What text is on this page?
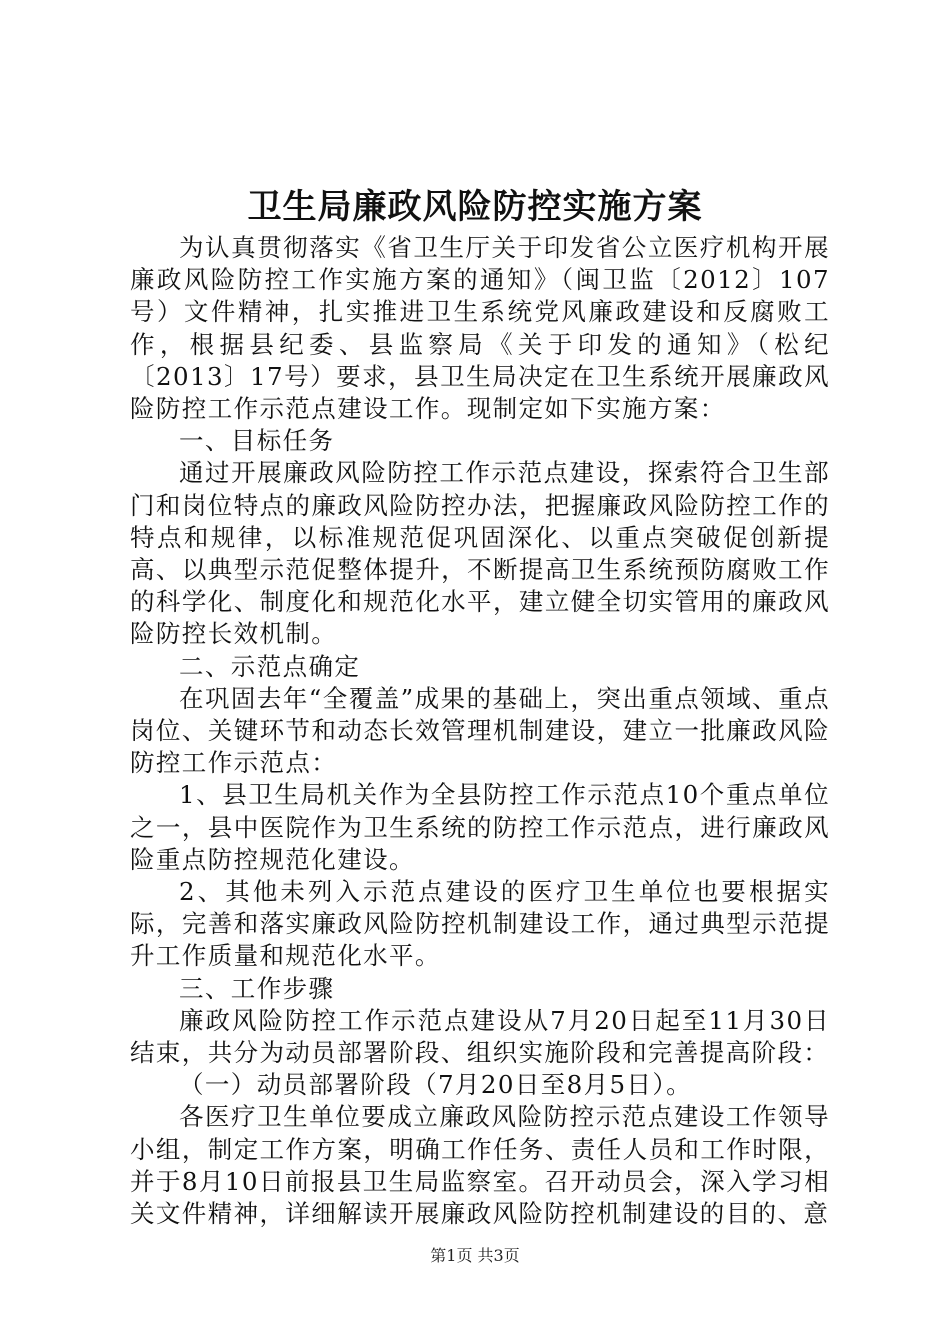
卫生局廉政风险防控实施方案

为认真贯彻落实《省卫生厅关于印发省公立医疗机构开展廉政风险防控工作实施方案的通知》（闽卫监〔2012〕107号）文件精神，扎实推进卫生系统党风廉政建设和反腐败工作，根据县纪委、县监察局《关于印发的通知》（松纪〔2013〕17号）要求，县卫生局决定在卫生系统开展廉政风险防控工作示范点建设工作。现制定如下实施方案：

一、目标任务

通过开展廉政风险防控工作示范点建设，探索符合卫生部门和岗位特点的廉政风险防控办法，把握廉政风险防控工作的特点和规律，以标准规范促巩固深化、以重点突破促创新提高、以典型示范促整体提升，不断提高卫生系统预防腐败工作的科学化、制度化和规范化水平，建立健全切实管用的廉政风险防控长效机制。

二、示范点确定

在巩固去年“全覆盖”成果的基础上，突出重点领域、重点岗位、关键环节和动态长效管理机制建设，建立一批廉政风险防控工作示范点：

1、县卫生局机关作为全县防控工作示范点10个重点单位之一，县中医院作为卫生系统的防控工作示范点，进行廉政风险重点防控规范化建设。

2、其他未列入示范点建设的医疗卫生单位也要根据实际，完善和落实廉政风险防控机制建设工作，通过典型示范提升工作质量和规范化水平。

三、工作步骤

廉政风险防控工作示范点建设从7月20日起至11月30日结束，共分为动员部署阶段、组织实施阶段和完善提高阶段：

（一）动员部署阶段（7月20日至8月5日）。

各医疗卫生单位要成立廉政风险防控示范点建设工作领导小组，制定工作方案，明确工作任务、责任人员和工作时限，并于8月10日前报县卫生局监察室。召开动员会，深入学习相关文件精神，详细解读开展廉政风险防控机制建设的目的、意

第1页 共3页
